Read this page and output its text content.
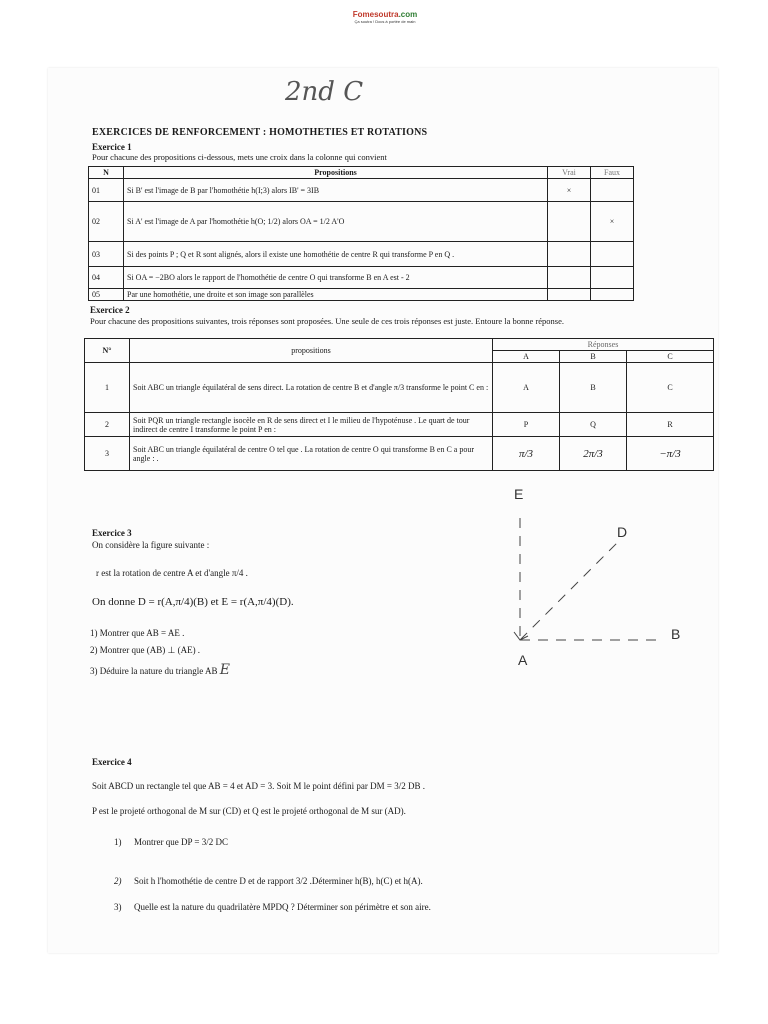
Fomesoutra.com
Ça soutra ! Docs à portée de main
2nd C
EXERCICES DE RENFORCEMENT : HOMOTHETIES ET ROTATIONS
Exercice 1
Pour chacune des propositions ci-dessous, mets une croix dans la colonne qui convient
N	Propositions	Vrai	Faux
01	Si B' est l'image de B par l'homothétie h(I;3) alors IB' = 3IB	×	
02	Si A' est l'image de A par l'homothétie h(O; 1/2) alors OA = 1/2 A'O		×
03	Si des points P ; Q et R sont alignés, alors il existe une homothétie de centre R qui transforme P en Q .		
04	Si OA = −2BO alors le rapport de l'homothétie de centre O qui transforme B en A est - 2		
05	Par une homothétie, une droite et son image son parallèles		
Exercice 2
Pour chacune des propositions suivantes, trois réponses sont proposées. Une seule de ces trois réponses est juste. Entoure la bonne réponse.
N°	propositions	Réponses		
		A	B	C
1	Soit ABC un triangle équilatéral de sens direct. La rotation de centre B et d'angle π/3 transforme le point C en :	A	B	C
2	Soit PQR un triangle rectangle isocèle en R de sens direct et I le milieu de l'hypoténuse . Le quart de tour indirect de centre I transforme le point P en :	P	Q	R
3	Soit ABC un triangle équilatéral de centre O tel que . La rotation de centre O qui transforme B en C a pour angle : .	π/3	2π/3	−π/3
Exercice 3
On considère la figure suivante :
r est la rotation de centre A et d'angle π/4 .
On donne D = r(A,π/4)(B) et E = r(A,π/4)(D).
1) Montrer que AB = AE .
2) Montrer que (AB) ⊥ (AE) .
3) Déduire la nature du triangle AB E
E
D
B
A
Exercice 4
Soit ABCD un rectangle tel que AB = 4 et AD = 3. Soit M le point défini par DM = 3/2 DB .
P est le projeté orthogonal de M sur (CD) et Q est le projeté orthogonal de M sur (AD).
1) Montrer que DP = 3/2 DC
2) Soit h l'homothétie de centre D et de rapport 3/2 .Déterminer h(B), h(C) et h(A).
3) Quelle est la nature du quadrilatère MPDQ ? Déterminer son périmètre et son aire.
